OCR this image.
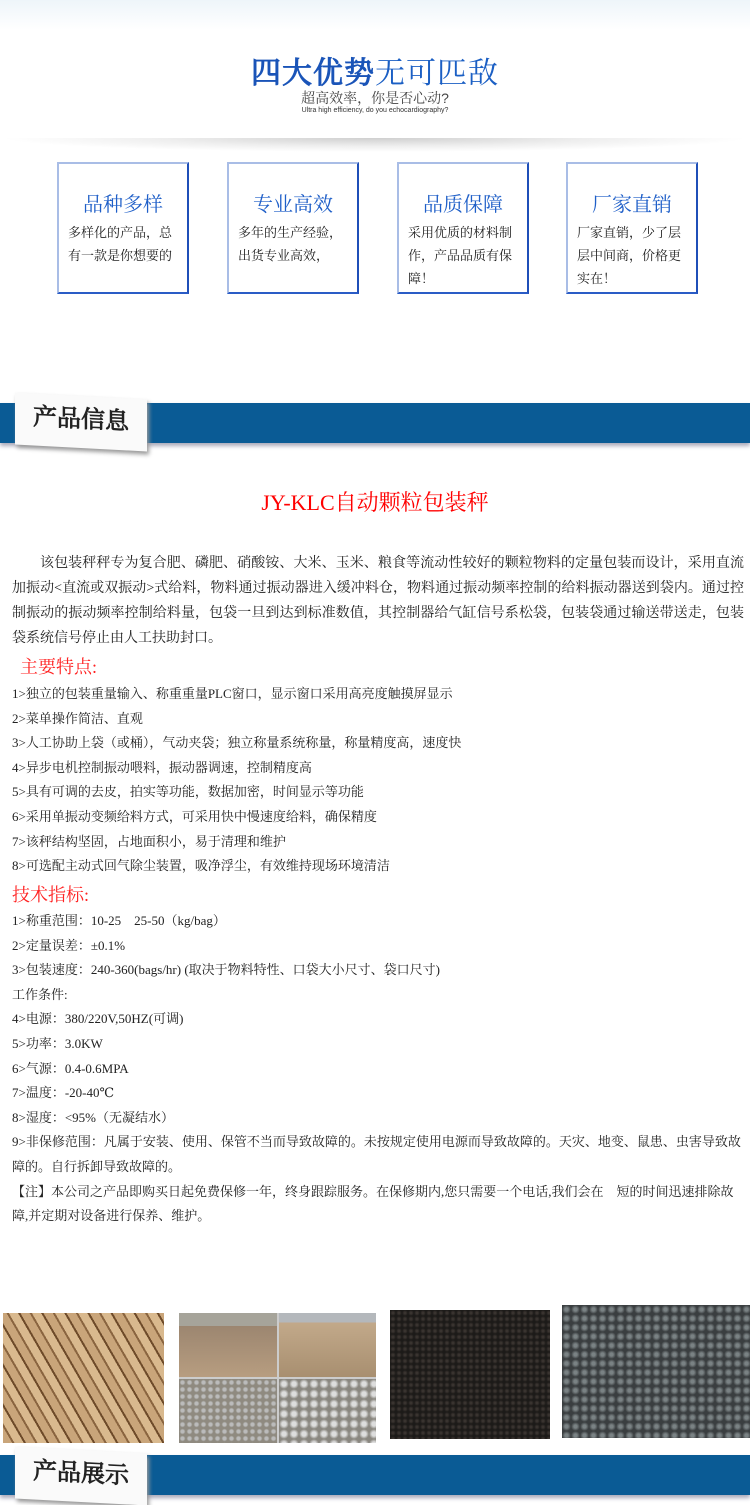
四大优势无可匹敌
超高效率，你是否心动?
Ultra high efficiency, do you echocardiography?
品种多样
多样化的产品，总有一款是你想要的
专业高效
多年的生产经验，出货专业高效，
品质保障
采用优质的材料制作，产品品质有保障！
厂家直销
厂家直销，少了层层中间商，价格更实在！
产品信息
JY-KLC自动颗粒包装秤
该包装秤秤专为复合肥、磷肥、硝酸铵、大米、玉米、粮食等流动性较好的颗粒物料的定量包装而设计，采用直流加振动<直流或双振动>式给料，物料通过振动器进入缓冲料仓，物料通过振动频率控制的给料振动器送到袋内。通过控制振动的振动频率控制给料量，包袋一旦到达到标准数值，其控制器给气缸信号系松袋，包装袋通过输送带送走，包装袋系统信号停止由人工扶助封口。
主要特点:
1>独立的包装重量输入、称重重量PLC窗口，显示窗口采用高亮度触摸屏显示
2>菜单操作简洁、直观
3>人工协助上袋（或桶），气动夹袋；独立称量系统称量，称量精度高，速度快
4>异步电机控制振动喂料，振动器调速，控制精度高
5>具有可调的去皮，拍实等功能，数据加密，时间显示等功能
6>采用单振动变频给料方式，可采用快中慢速度给料，确保精度
7>该秤结构坚固，占地面积小，易于清理和维护
8>可选配主动式回气除尘装置，吸净浮尘，有效维持现场环境清洁
技术指标:
1>称重范围：10-25　25-50（kg/bag）
2>定量误差：±0.1%
3>包装速度：240-360(bags/hr) (取决于物料特性、口袋大小尺寸、袋口尺寸)
工作条件:
4>电源：380/220V,50HZ(可调)
5>功率：3.0KW
6>气源：0.4-0.6MPA
7>温度：-20-40℃
8>湿度：<95%（无凝结水）
9>非保修范围：凡属于安装、使用、保管不当而导致故障的。未按规定使用电源而导致故障的。天灾、地变、鼠患、虫害导致故障的。自行拆卸导致故障的。
【注】本公司之产品即购买日起免费保修一年，终身跟踪服务。在保修期内,您只需要一个电话,我们会在　短的时间迅速排除故障,并定期对设备进行保养、维护。
产品展示
